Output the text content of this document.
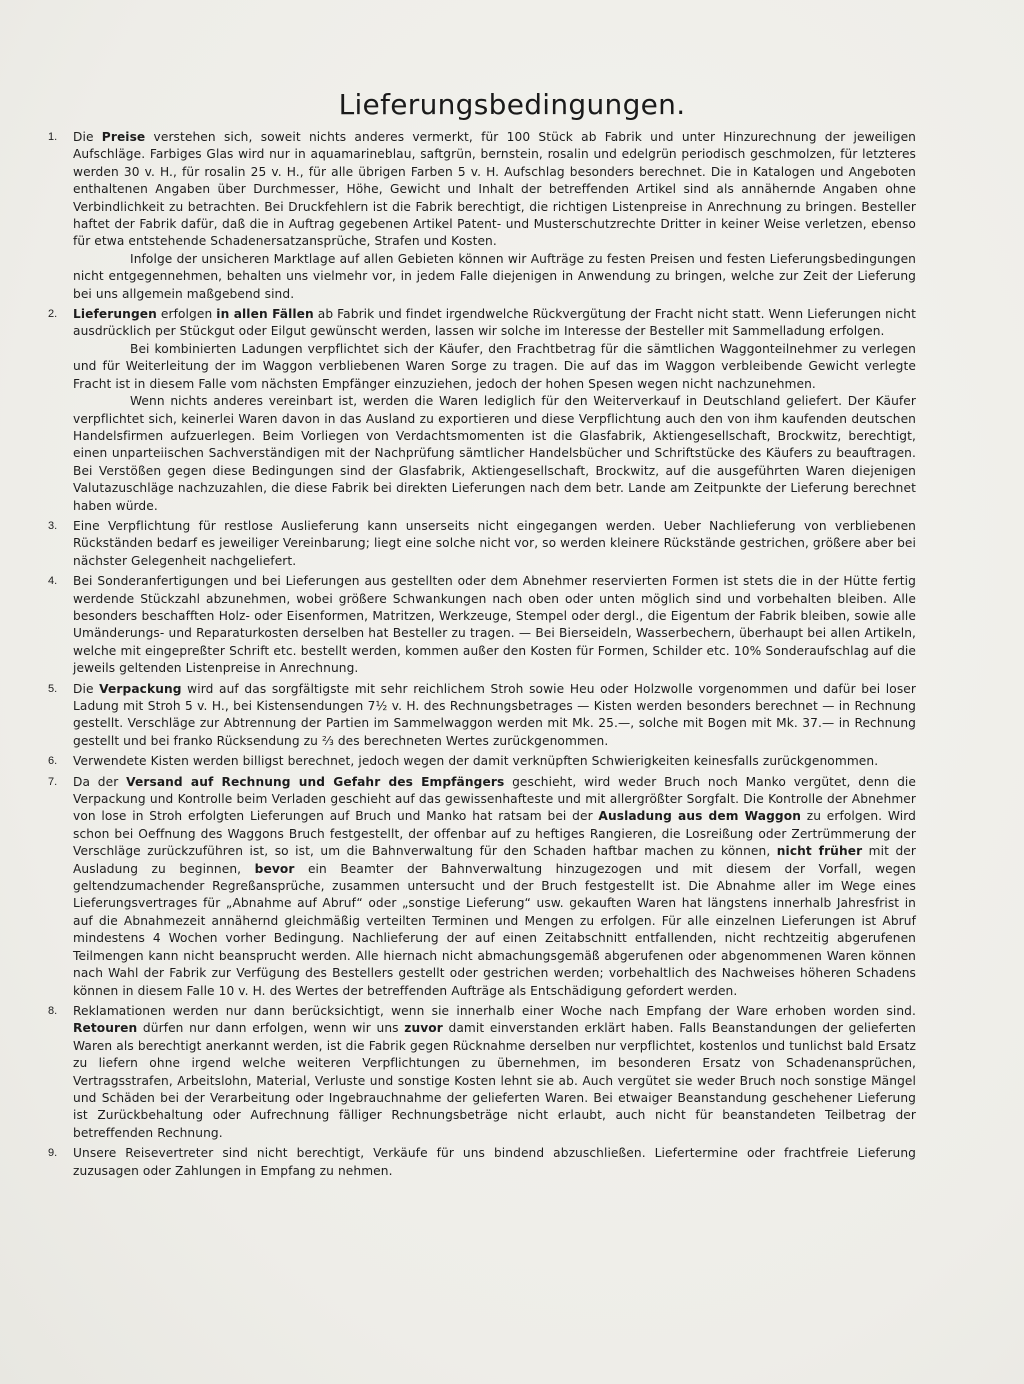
Lieferungsbedingungen.
1. Die Preise verstehen sich, soweit nichts anderes vermerkt, für 100 Stück ab Fabrik und unter Hinzurechnung der jeweiligen Aufschläge. Farbiges Glas wird nur in aquamarineblau, saftgrün, bernstein, rosalin und edelgrün periodisch geschmolzen, für letzteres werden 30 v. H., für rosalin 25 v. H., für alle übrigen Farben 5 v. H. Aufschlag besonders berechnet. Die in Katalogen und Angeboten enthaltenen Angaben über Durchmesser, Höhe, Gewicht und Inhalt der betreffenden Artikel sind als annähernde Angaben ohne Verbindlichkeit zu betrachten. Bei Druckfehlern ist die Fabrik berechtigt, die richtigen Listenpreise in Anrechnung zu bringen. Besteller haftet der Fabrik dafür, daß die in Auftrag gegebenen Artikel Patent- und Musterschutzrechte Dritter in keiner Weise verletzen, ebenso für etwa entstehende Schadenersatzansprüche, Strafen und Kosten.

Infolge der unsicheren Marktlage auf allen Gebieten können wir Aufträge zu festen Preisen und festen Lieferungsbedingungen nicht entgegennehmen, behalten uns vielmehr vor, in jedem Falle diejenigen in Anwendung zu bringen, welche zur Zeit der Lieferung bei uns allgemein maßgebend sind.

2. Lieferungen erfolgen in allen Fällen ab Fabrik und findet irgendwelche Rückvergütung der Fracht nicht statt. Wenn Lieferungen nicht ausdrücklich per Stückgut oder Eilgut gewünscht werden, lassen wir solche im Interesse der Besteller mit Sammelladung erfolgen.

Bei kombinierten Ladungen verpflichtet sich der Käufer, den Frachtbetrag für die sämtlichen Waggonteilnehmer zu verlegen und für Weiterleitung der im Waggon verbliebenen Waren Sorge zu tragen. Die auf das im Waggon verbleibende Gewicht verlegte Fracht ist in diesem Falle vom nächsten Empfänger einzuziehen, jedoch der hohen Spesen wegen nicht nachzunehmen.

Wenn nichts anderes vereinbart ist, werden die Waren lediglich für den Weiterverkauf in Deutschland geliefert. Der Käufer verpflichtet sich, keinerlei Waren davon in das Ausland zu exportieren und diese Verpflichtung auch den von ihm kaufenden deutschen Handelsfirmen aufzuerlegen. Beim Vorliegen von Verdachtsmomenten ist die Glasfabrik, Aktiengesellschaft, Brockwitz, berechtigt, einen unparteiischen Sachverständigen mit der Nachprüfung sämtlicher Handelsbücher und Schriftstücke des Käufers zu beauftragen. Bei Verstößen gegen diese Bedingungen sind der Glasfabrik, Aktiengesellschaft, Brockwitz, auf die ausgeführten Waren diejenigen Valutazuschläge nachzuzahlen, die diese Fabrik bei direkten Lieferungen nach dem betr. Lande am Zeitpunkte der Lieferung berechnet haben würde.

3. Eine Verpflichtung für restlose Auslieferung kann unserseits nicht eingegangen werden. Ueber Nachlieferung von verbliebenen Rückständen bedarf es jeweiliger Vereinbarung; liegt eine solche nicht vor, so werden kleinere Rückstände gestrichen, größere aber bei nächster Gelegenheit nachgeliefert.

4. Bei Sonderanfertigungen und bei Lieferungen aus gestellten oder dem Abnehmer reservierten Formen ist stets die in der Hütte fertig werdende Stückzahl abzunehmen, wobei größere Schwankungen nach oben oder unten möglich sind und vorbehalten bleiben. Alle besonders beschafften Holz- oder Eisenformen, Matritzen, Werkzeuge, Stempel oder dergl., die Eigentum der Fabrik bleiben, sowie alle Umänderungs- und Reparaturkosten derselben hat Besteller zu tragen. — Bei Bierseideln, Wasserbechern, überhaupt bei allen Artikeln, welche mit eingepreßter Schrift etc. bestellt werden, kommen außer den Kosten für Formen, Schilder etc. 10% Sonderaufschlag auf die jeweils geltenden Listenpreise in Anrechnung.

5. Die Verpackung wird auf das sorgfältigste mit sehr reichlichem Stroh sowie Heu oder Holzwolle vorgenommen und dafür bei loser Ladung mit Stroh 5 v. H., bei Kistensendungen 7½ v. H. des Rechnungsbetrages — Kisten werden besonders berechnet — in Rechnung gestellt. Verschläge zur Abtrennung der Partien im Sammelwaggon werden mit Mk. 25.—, solche mit Bogen mit Mk. 37.— in Rechnung gestellt und bei franko Rücksendung zu ⅔ des berechneten Wertes zurückgenommen.

6. Verwendete Kisten werden billigst berechnet, jedoch wegen der damit verknüpften Schwierigkeiten keinesfalls zurückgenommen.

7. Da der Versand auf Rechnung und Gefahr des Empfängers geschieht, wird weder Bruch noch Manko vergütet, denn die Verpackung und Kontrolle beim Verladen geschieht auf das gewissenhafteste und mit allergrößter Sorgfalt. Die Kontrolle der Abnehmer von lose in Stroh erfolgten Lieferungen auf Bruch und Manko hat ratsam bei der Ausladung aus dem Waggon zu erfolgen. Wird schon bei Oeffnung des Waggons Bruch festgestellt, der offenbar auf zu heftiges Rangieren, die Losreißung oder Zertrümmerung der Verschläge zurückzuführen ist, so ist, um die Bahnverwaltung für den Schaden haftbar machen zu können, nicht früher mit der Ausladung zu beginnen, bevor ein Beamter der Bahnverwaltung hinzugezogen und mit diesem der Vorfall, wegen geltendzumachender Regreßansprüche, zusammen untersucht und der Bruch festgestellt ist. Die Abnahme aller im Wege eines Lieferungsvertrages für „Abnahme auf Abruf“ oder „sonstige Lieferung“ usw. gekauften Waren hat längstens innerhalb Jahresfrist in auf die Abnahmezeit annähernd gleichmäßig verteilten Terminen und Mengen zu erfolgen. Für alle einzelnen Lieferungen ist Abruf mindestens 4 Wochen vorher Bedingung. Nachlieferung der auf einen Zeitabschnitt entfallenden, nicht rechtzeitig abgerufenen Teilmengen kann nicht beansprucht werden. Alle hiernach nicht abmachungsgemäß abgerufenen oder abgenommenen Waren können nach Wahl der Fabrik zur Verfügung des Bestellers gestellt oder gestrichen werden; vorbehaltlich des Nachweises höheren Schadens können in diesem Falle 10 v. H. des Wertes der betreffenden Aufträge als Entschädigung gefordert werden.

8. Reklamationen werden nur dann berücksichtigt, wenn sie innerhalb einer Woche nach Empfang der Ware erhoben worden sind. Retouren dürfen nur dann erfolgen, wenn wir uns zuvor damit einverstanden erklärt haben. Falls Beanstandungen der gelieferten Waren als berechtigt anerkannt werden, ist die Fabrik gegen Rücknahme derselben nur verpflichtet, kostenlos und tunlichst bald Ersatz zu liefern ohne irgend welche weiteren Verpflichtungen zu übernehmen, im besonderen Ersatz von Schadenansprüchen, Vertragsstrafen, Arbeitslohn, Material, Verluste und sonstige Kosten lehnt sie ab. Auch vergütet sie weder Bruch noch sonstige Mängel und Schäden bei der Verarbeitung oder Ingebrauchnahme der gelieferten Waren. Bei etwaiger Beanstandung geschehener Lieferung ist Zurückbehaltung oder Aufrechnung fälliger Rechnungsbeträge nicht erlaubt, auch nicht für beanstandeten Teilbetrag der betreffenden Rechnung.

9. Unsere Reisevertreter sind nicht berechtigt, Verkäufe für uns bindend abzuschließen. Liefertermine oder frachtfreie Lieferung zuzusagen oder Zahlungen in Empfang zu nehmen.
